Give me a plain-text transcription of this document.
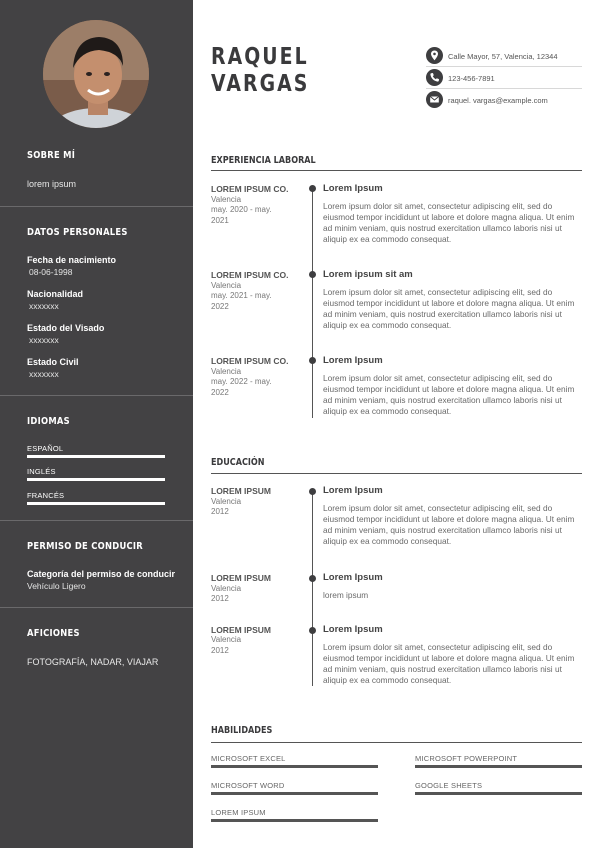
SOBRE MÍ
lorem ipsum
DATOS PERSONALES
Fecha de nacimiento
08-06-1998
Nacionalidad
xxxxxxx
Estado del Visado
xxxxxxx
Estado Civil
xxxxxxx
IDIOMAS
ESPAÑOL
INGLÉS
FRANCÉS
PERMISO DE CONDUCIR
Categoría del permiso de conducir
Vehículo Ligero
AFICIONES
FOTOGRAFÍA, NADAR, VIAJAR
RAQUEL
VARGAS
Calle Mayor, 57, Valencia, 12344
123-456-7891
raquel. vargas@example.com
EXPERIENCIA LABORAL
LOREM IPSUM CO.
Valencia
may. 2020 - may. 2021
Lorem Ipsum
Lorem ipsum dolor sit amet, consectetur adipiscing elit, sed do eiusmod tempor incididunt ut labore et dolore magna aliqua. Ut enim ad minim veniam, quis nostrud exercitation ullamco laboris nisi ut aliquip ex ea commodo consequat.
LOREM IPSUM CO.
Valencia
may. 2021 - may. 2022
Lorem ipsum sit am
Lorem ipsum dolor sit amet, consectetur adipiscing elit, sed do eiusmod tempor incididunt ut labore et dolore magna aliqua. Ut enim ad minim veniam, quis nostrud exercitation ullamco laboris nisi ut aliquip ex ea commodo consequat.
LOREM IPSUM CO.
Valencia
may. 2022 - may. 2022
Lorem Ipsum
Lorem ipsum dolor sit amet, consectetur adipiscing elit, sed do eiusmod tempor incididunt ut labore et dolore magna aliqua. Ut enim ad minim veniam, quis nostrud exercitation ullamco laboris nisi ut aliquip ex ea commodo consequat.
EDUCACIÓN
LOREM IPSUM
Valencia
2012
Lorem Ipsum
Lorem ipsum dolor sit amet, consectetur adipiscing elit, sed do eiusmod tempor incididunt ut labore et dolore magna aliqua. Ut enim ad minim veniam, quis nostrud exercitation ullamco laboris nisi ut aliquip ex ea commodo consequat.
LOREM IPSUM
Valencia
2012
Lorem Ipsum
lorem ipsum
LOREM IPSUM
Valencia
2012
Lorem Ipsum
Lorem ipsum dolor sit amet, consectetur adipiscing elit, sed do eiusmod tempor incididunt ut labore et dolore magna aliqua. Ut enim ad minim veniam, quis nostrud exercitation ullamco laboris nisi ut aliquip ex ea commodo consequat.
HABILIDADES
MICROSOFT EXCEL	MICROSOFT POWERPOINT
MICROSOFT WORD	GOOGLE SHEETS
LOREM IPSUM
